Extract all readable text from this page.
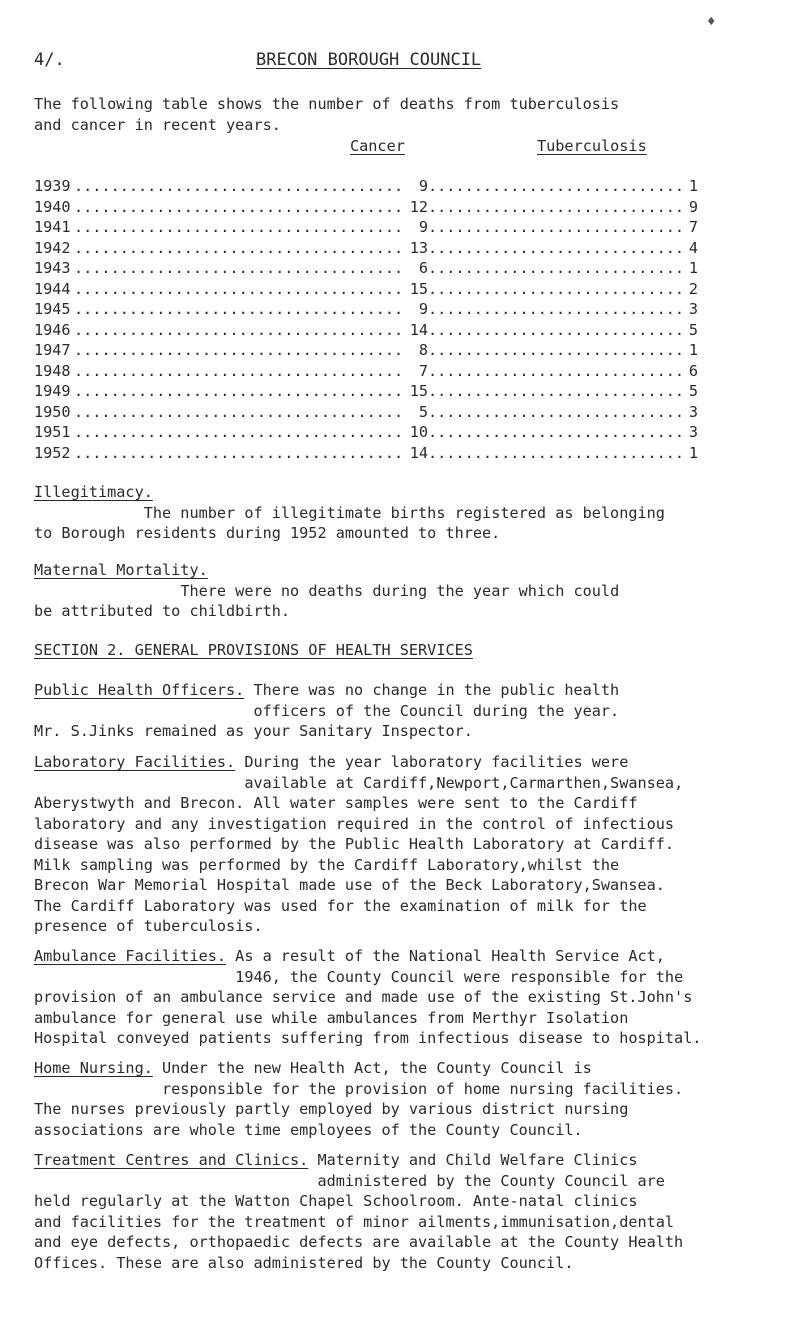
♦
4/.	BRECON BOROUGH COUNCIL
The following table shows the number of deaths from tuberculosis
and cancer in recent years.
Cancer	Tuberculosis
1939 .....	9 .....	1
1940 .....	12 .....	9
1941 .....	9 .....	7
1942 .....	13 .....	4
1943 .....	6 .....	1
1944 .....	15 .....	2
1945 .....	9 .....	3
1946 .....	14 .....	5
1947 .....	8 .....	1
1948 .....	7 .....	6
1949 .....	15 .....	5
1950 .....	5 .....	3
1951 .....	10 .....	3
1952 .....	14 .....	1
Illegitimacy.
The number of illegitimate births registered as belonging
to Borough residents during 1952 amounted to three.
Maternal Mortality.
There were no deaths during the year which could
be attributed to childbirth.
SECTION 2. GENERAL PROVISIONS OF HEALTH SERVICES
Public Health Officers. There was no change in the public health
officers of the Council during the year.
Mr. S.Jinks remained as your Sanitary Inspector.
Laboratory Facilities. During the year laboratory facilities were
available at Cardiff,Newport,Carmarthen,Swansea,
Aberystwyth and Brecon. All water samples were sent to the Cardiff
laboratory and any investigation required in the control of infectious
disease was also performed by the Public Health Laboratory at Cardiff.
Milk sampling was performed by the Cardiff Laboratory,whilst the
Brecon War Memorial Hospital made use of the Beck Laboratory,Swansea.
The Cardiff Laboratory was used for the examination of milk for the
presence of tuberculosis.
Ambulance Facilities. As a result of the National Health Service Act,
1946, the County Council were responsible for the
provision of an ambulance service and made use of the existing St.John's
ambulance for general use while ambulances from Merthyr Isolation
Hospital conveyed patients suffering from infectious disease to hospital.
Home Nursing. Under the new Health Act, the County Council is
responsible for the provision of home nursing facilities.
The nurses previously partly employed by various district nursing
associations are whole time employees of the County Council.
Treatment Centres and Clinics. Maternity and Child Welfare Clinics
administered by the County Council are
held regularly at the Watton Chapel Schoolroom. Ante-natal clinics
and facilities for the treatment of minor ailments,immunisation,dental
and eye defects, orthopaedic defects are available at the County Health
Offices. These are also administered by the County Council.
